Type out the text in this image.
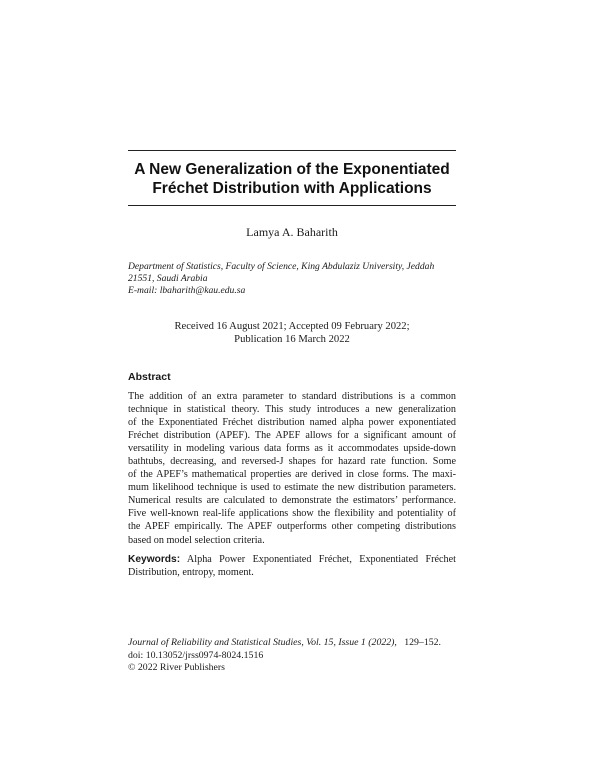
A New Generalization of the Exponentiated
Fréchet Distribution with Applications
Lamya A. Baharith
Department of Statistics, Faculty of Science, King Abdulaziz University, Jeddah
21551, Saudi Arabia
E-mail: lbaharith@kau.edu.sa
Received 16 August 2021; Accepted 09 February 2022;
Publication 16 March 2022
Abstract
The addition of an extra parameter to standard distributions is a common
technique in statistical theory. This study introduces a new generalization
of the Exponentiated Fréchet distribution named alpha power exponentiated
Fréchet distribution (APEF). The APEF allows for a significant amount of
versatility in modeling various data forms as it accommodates upside-down
bathtubs, decreasing, and reversed-J shapes for hazard rate function. Some
of the APEF’s mathematical properties are derived in close forms. The maxi-
mum likelihood technique is used to estimate the new distribution parameters.
Numerical results are calculated to demonstrate the estimators’ performance.
Five well-known real-life applications show the flexibility and potentiality of
the APEF empirically. The APEF outperforms other competing distributions
based on model selection criteria.
Keywords: Alpha Power Exponentiated Fréchet, Exponentiated Fréchet
Distribution, entropy, moment.
Journal of Reliability and Statistical Studies, Vol. 15, Issue 1 (2022), 129–152.
doi: 10.13052/jrss0974-8024.1516
© 2022 River Publishers
